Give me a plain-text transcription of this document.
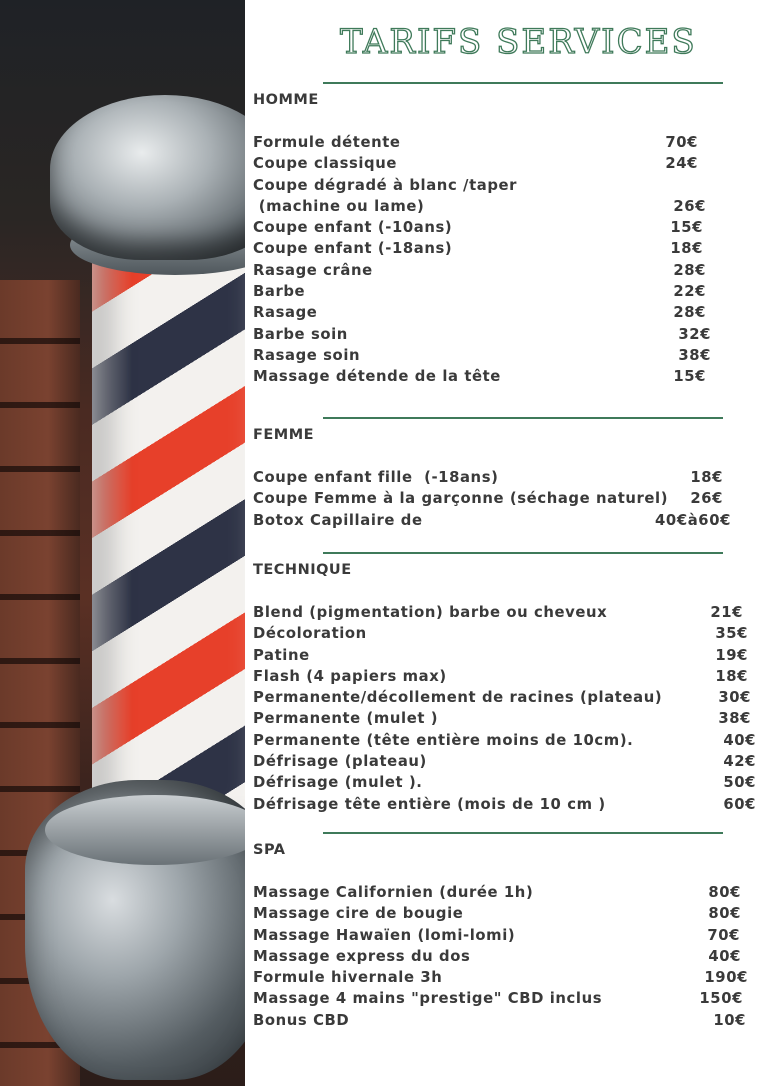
TARIFS SERVICES
HOMME
Formule détente	70€
Coupe classique	24€
Coupe dégradé à blanc /taper
(machine ou lame)	26€
Coupe enfant (-10ans)	15€
Coupe enfant (-18ans)	18€
Rasage crâne	28€
Barbe	22€
Rasage	28€
Barbe soin	32€
Rasage soin	38€
Massage détende de la tête	15€
FEMME
Coupe enfant fille  (-18ans)	18€
Coupe Femme à la garçonne (séchage naturel) 26€
Botox Capillaire de	40€à60€
TECHNIQUE
Blend (pigmentation) barbe ou cheveux	21€
Décoloration	35€
Patine	19€
Flash (4 papiers max)	18€
Permanente/décollement de racines (plateau)	30€
Permanente (mulet )	38€
Permanente (tête entière moins de 10cm).	40€
Défrisage (plateau)	42€
Défrisage (mulet ).	50€
Défrisage tête entière (mois de 10 cm )	60€
SPA
Massage Californien (durée 1h)	80€
Massage cire de bougie	80€
Massage Hawaïen (lomi-lomi)	70€
Massage express du dos	40€
Formule hivernale 3h	190€
Massage 4 mains "prestige" CBD inclus	150€
Bonus CBD	10€
